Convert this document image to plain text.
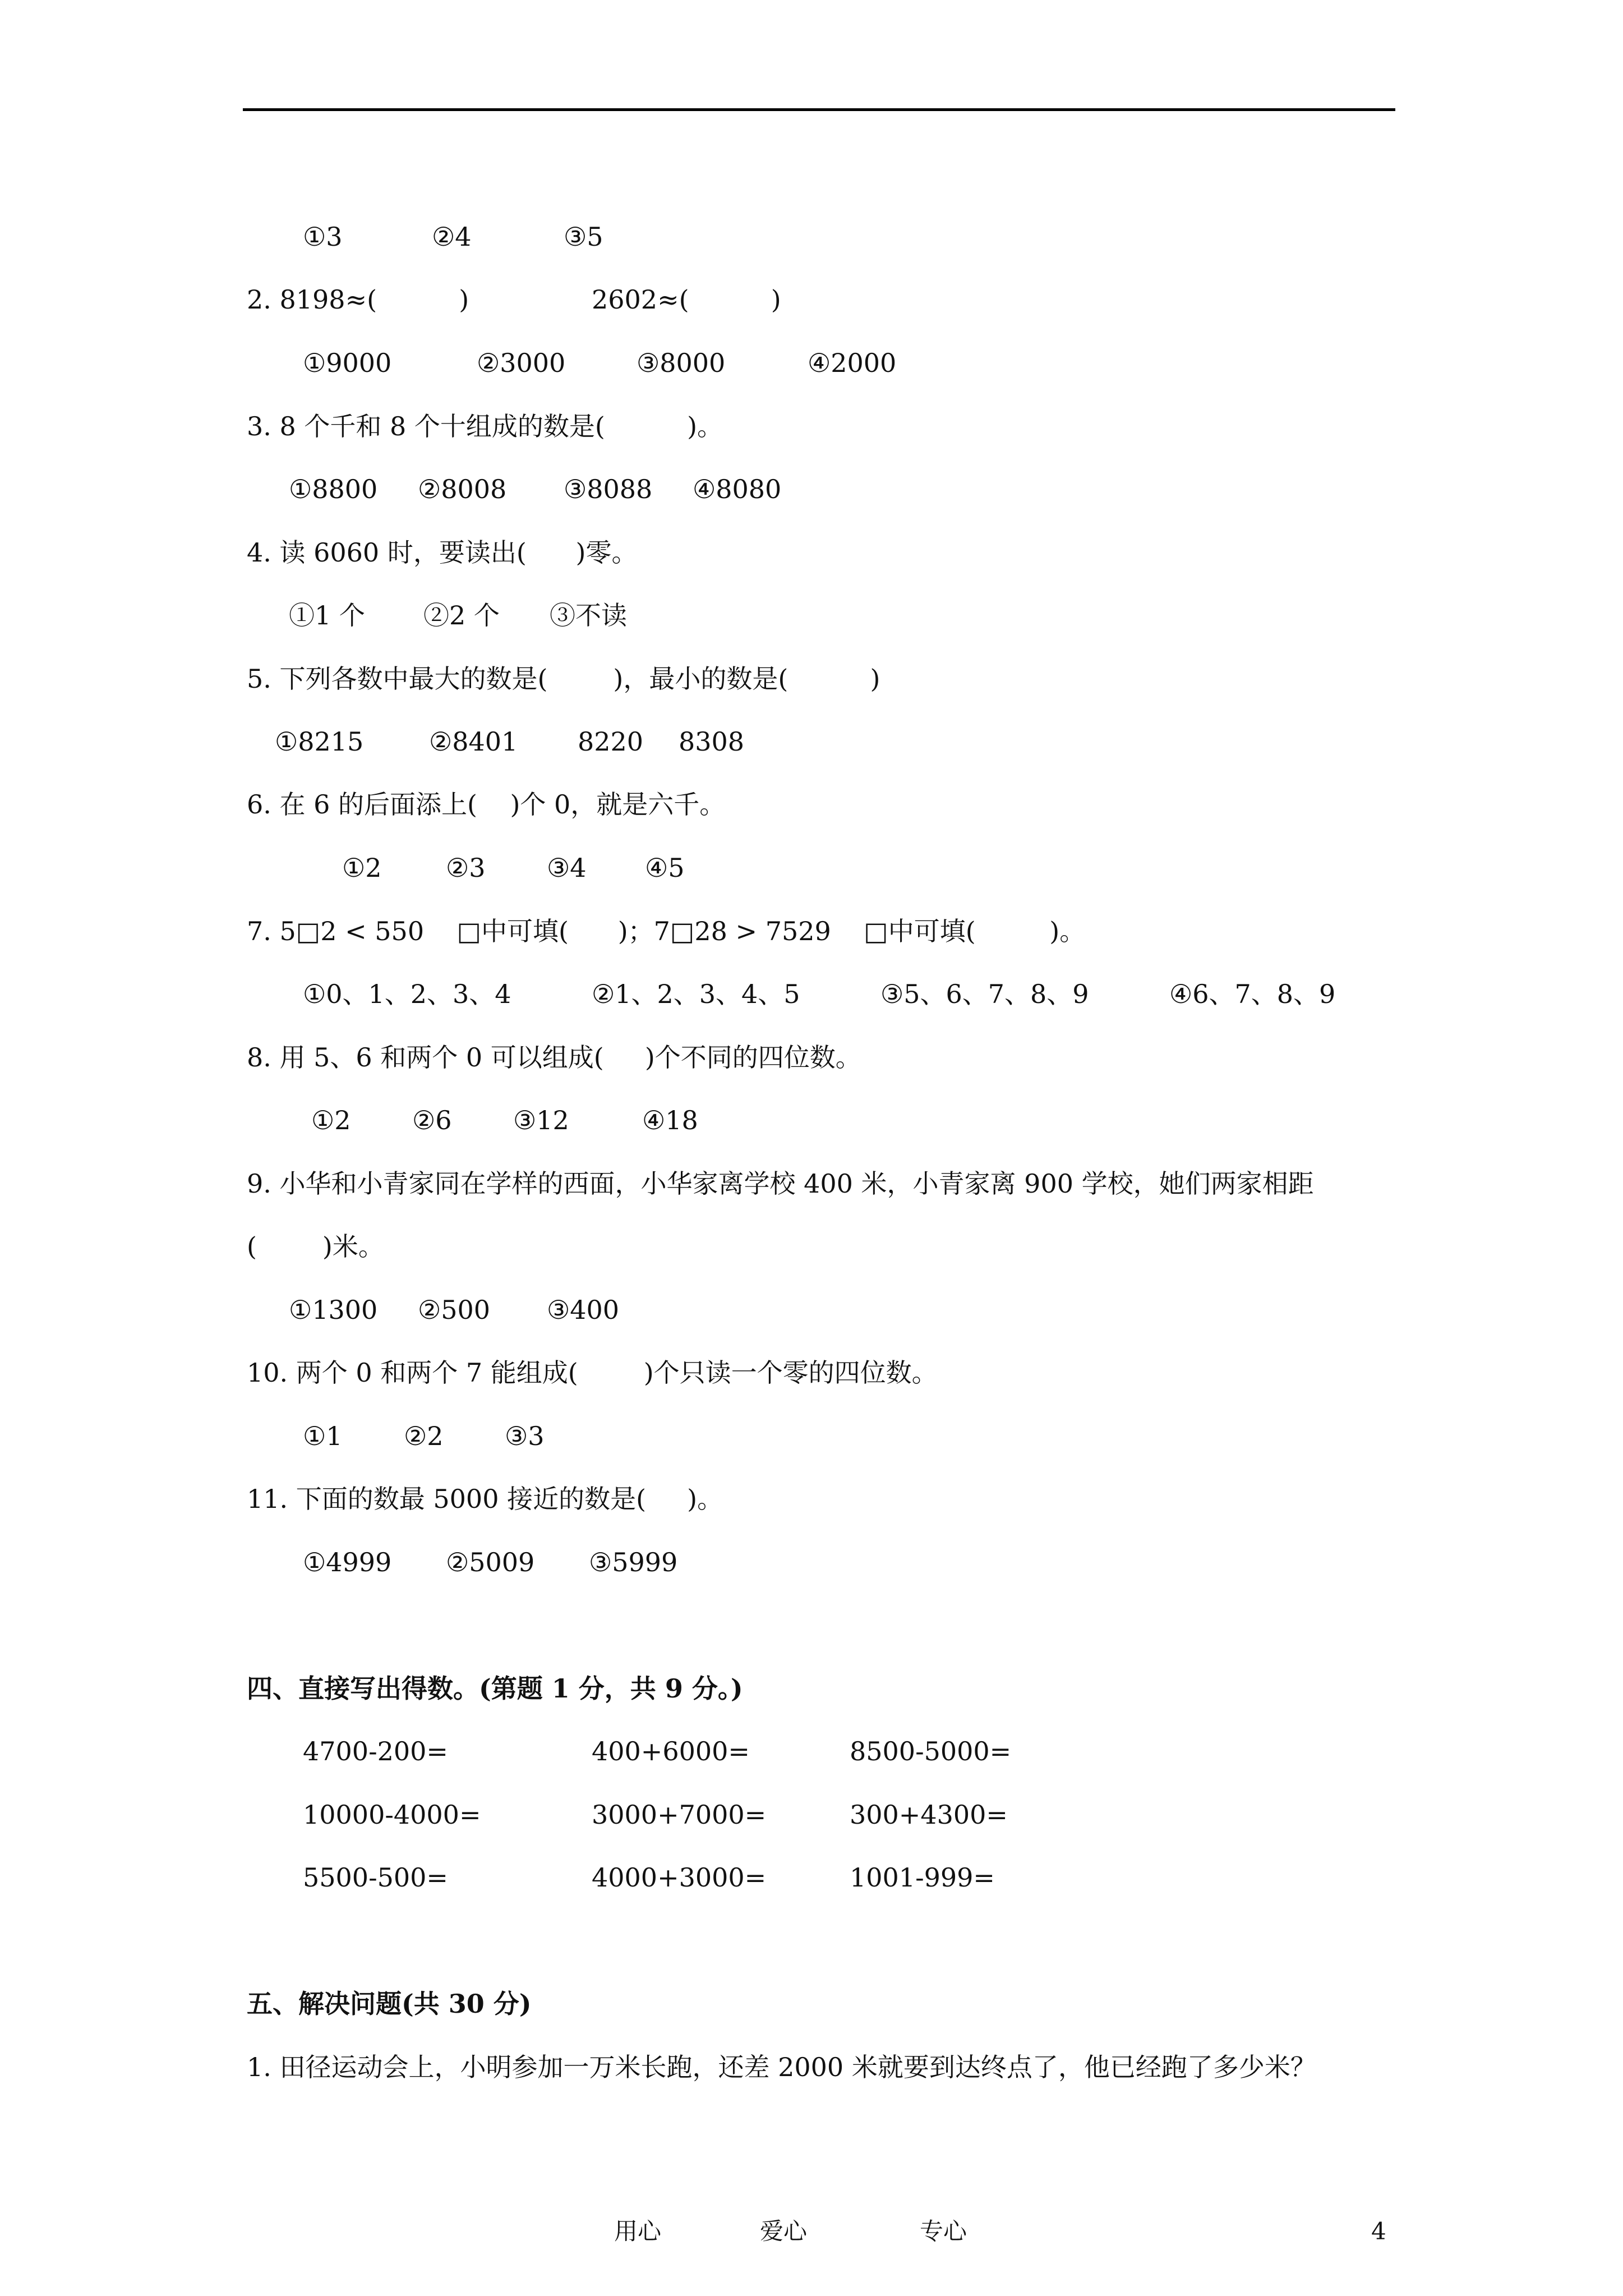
①3	②4	③5
2. 8198≈(          )	2602≈(          )
①9000	②3000	③8000	④2000
3. 8 个千和 8 个十组成的数是(          )。
①8800 ②8008 ③8088 ④8080
4. 读 6060 时，要读出(      )零。
①1 个 ②2 个 ③不读
5. 下列各数中最大的数是(        )，最小的数是(          )
①8215	②8401 8220 8308
6. 在 6 的后面添上(    )个 0，就是六千。
①2 ②3 ③4 ④5
7. 5□2 < 550    □中可填(      )；7□28 > 7529    □中可填(         )。
①0、1、2、3、4	②1、2、3、4、5	③5、6、7、8、9	④6、7、8、9
8. 用 5、6 和两个 0 可以组成(     )个不同的四位数。
①2 ②6 ③12	④18
9. 小华和小青家同在学样的西面，小华家离学校 400 米，小青家离 900 学校，她们两家相距
(        )米。
①1300 ②500 ③400
10. 两个 0 和两个 7 能组成(        )个只读一个零的四位数。
①1 ②2 ③3
11. 下面的数最 5000 接近的数是(     )。
①4999 ②5009 ③5999
四、直接写出得数。(第题 1 分，共 9 分。)
4700-200=	400+6000=	8500-5000=
10000-4000=	3000+7000=	300+4300=
5500-500=	4000+3000=	1001-999=
五、解决问题(共 30 分)
1. 田径运动会上，小明参加一万米长跑，还差 2000 米就要到达终点了，他已经跑了多少米？
用心	爱心	专心	4
